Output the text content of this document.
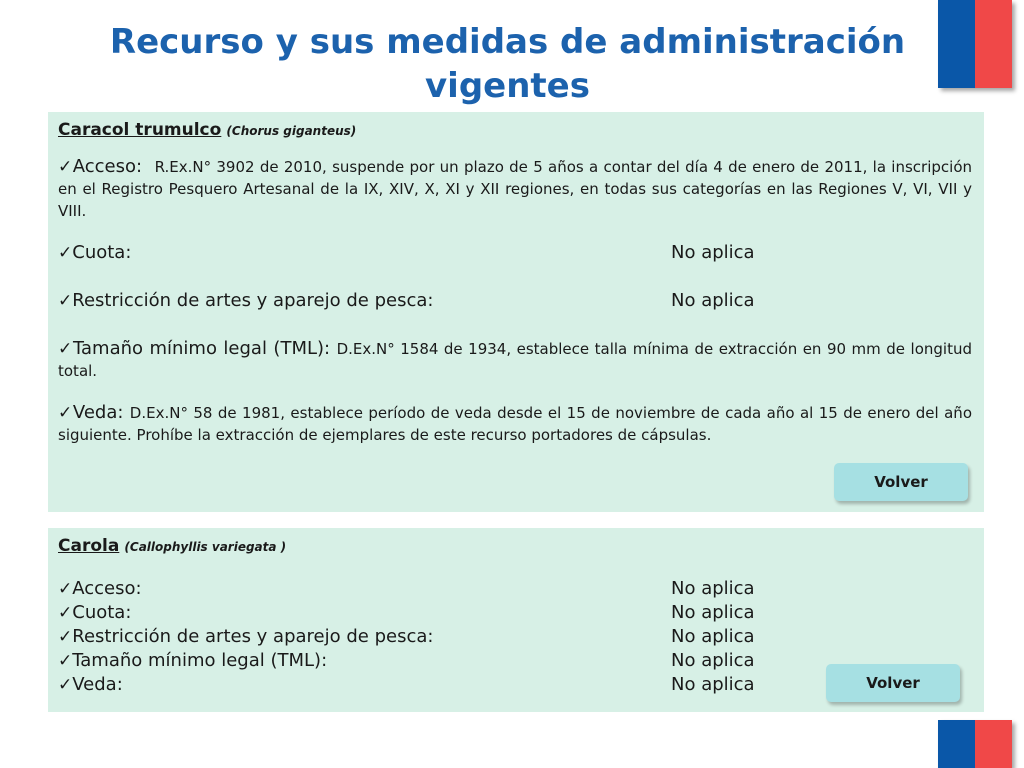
Recurso y sus medidas de administración vigentes
Caracol trumulco (Chorus giganteus)

✓Acceso: R.Ex.N° 3902 de 2010, suspende por un plazo de 5 años a contar del día 4 de enero de 2011, la inscripción en el Registro Pesquero Artesanal de la IX, XIV, X, XI y XII regiones, en todas sus categorías en las Regiones V, VI, VII y VIII.

✓Cuota:	No aplica
✓Restricción de artes y aparejo de pesca:	No aplica

✓Tamaño mínimo legal (TML): D.Ex.N° 1584 de 1934, establece talla mínima de extracción en 90 mm de longitud total.

✓Veda: D.Ex.N° 58 de 1981, establece período de veda desde el 15 de noviembre de cada año al 15 de enero del año siguiente. Prohíbe la extracción de ejemplares de este recurso portadores de cápsulas.

Volver
Carola (Callophyllis variegata )
✓Acceso:	No aplica
✓Cuota:	No aplica
✓Restricción de artes y aparejo de pesca:	No aplica
✓Tamaño mínimo legal (TML):	No aplica
✓Veda:	No aplica	Volver
